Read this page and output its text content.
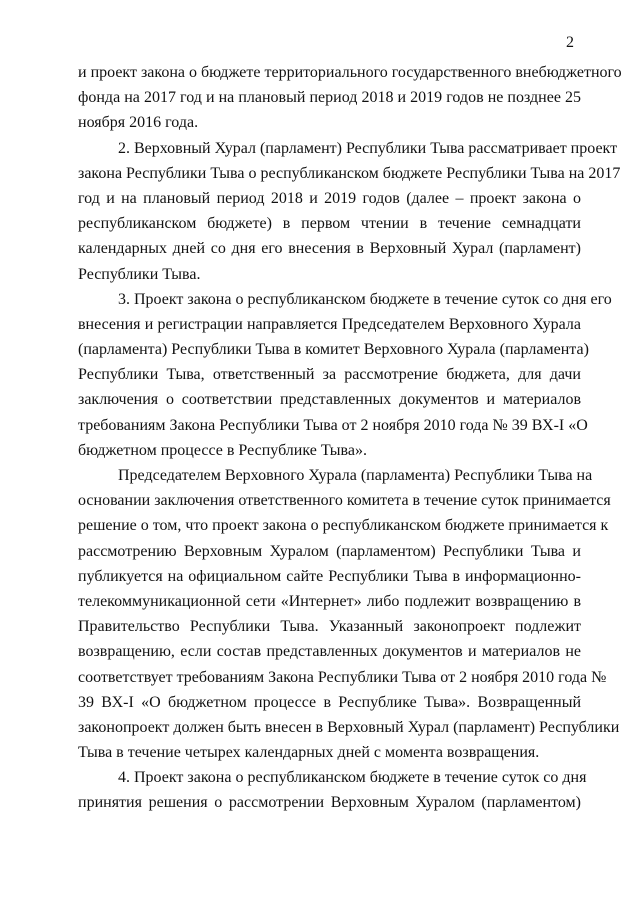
2
и проект закона о бюджете территориального государственного внебюджетного
фонда на 2017 год и на плановый период 2018 и 2019 годов не позднее 25
ноября 2016 года.
2. Верховный Хурал (парламент) Республики Тыва рассматривает проект
закона Республики Тыва о республиканском бюджете Республики Тыва на 2017
год и на плановый период 2018 и 2019 годов (далее – проект закона о
республиканском бюджете) в первом чтении в течение семнадцати
календарных дней со дня его внесения в Верховный Хурал (парламент)
Республики Тыва.
3. Проект закона о республиканском бюджете в течение суток со дня его
внесения и регистрации направляется Председателем Верховного Хурала
(парламента) Республики Тыва в комитет Верховного Хурала (парламента)
Республики Тыва, ответственный за рассмотрение бюджета, для дачи
заключения о соответствии представленных документов и материалов
требованиям Закона Республики Тыва от 2 ноября 2010 года № 39 ВХ-I «О
бюджетном процессе в Республике Тыва».
Председателем Верховного Хурала (парламента) Республики Тыва на
основании заключения ответственного комитета в течение суток принимается
решение о том, что проект закона о республиканском бюджете принимается к
рассмотрению Верховным Хуралом (парламентом) Республики Тыва и
публикуется на официальном сайте Республики Тыва в информационно-
телекоммуникационной сети «Интернет» либо подлежит возвращению в
Правительство Республики Тыва. Указанный законопроект подлежит
возвращению, если состав представленных документов и материалов не
соответствует требованиям Закона Республики Тыва от 2 ноября 2010 года №
39 ВХ-I «О бюджетном процессе в Республике Тыва». Возвращенный
законопроект должен быть внесен в Верховный Хурал (парламент) Республики
Тыва в течение четырех календарных дней с момента возвращения.
4. Проект закона о республиканском бюджете в течение суток со дня
принятия решения о рассмотрении Верховным Хуралом (парламентом)
